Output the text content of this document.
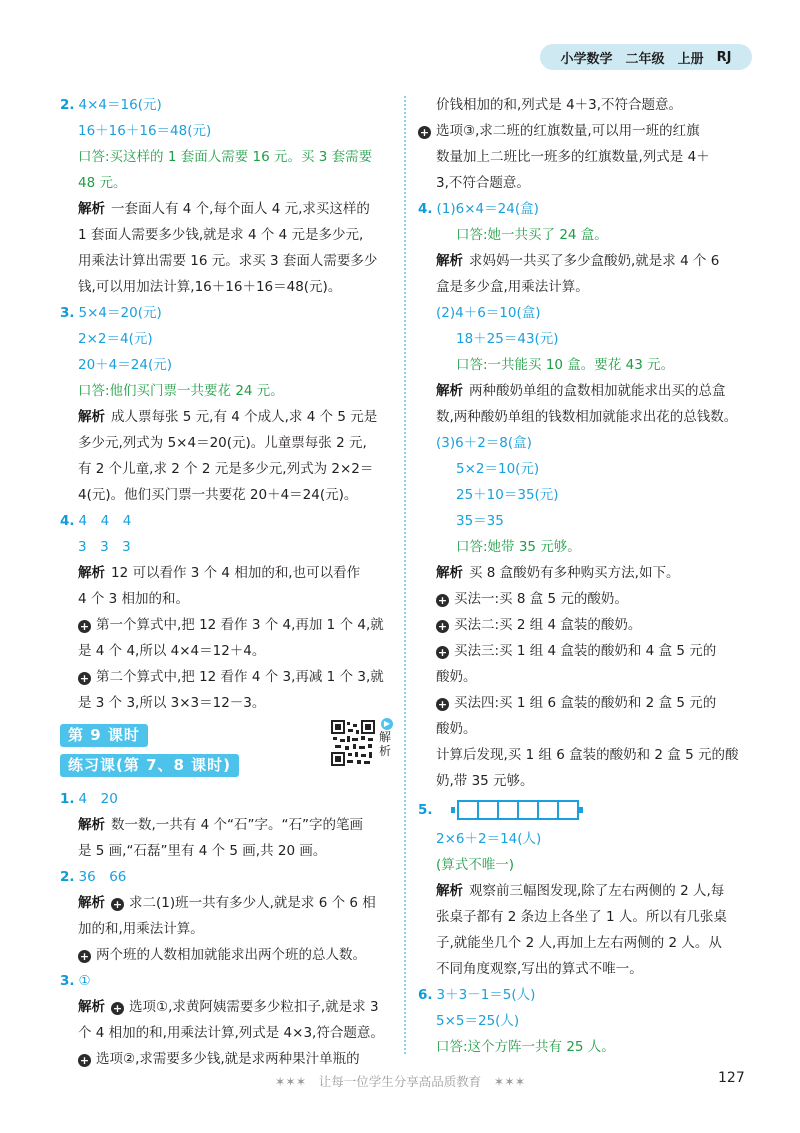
小学数学 二年级 上册 RJ
2. 4×4＝16(元)
16＋16＋16＝48(元)
口答:买这样的 1 套面人需要 16 元。买 3 套需要
48 元。
解析 一套面人有 4 个,每个面人 4 元,求买这样的
1 套面人需要多少钱,就是求 4 个 4 元是多少元,
用乘法计算出需要 16 元。求买 3 套面人需要多少
钱,可以用加法计算,16＋16＋16＝48(元)。
3. 5×4＝20(元)
2×2＝4(元)
20＋4＝24(元)
口答:他们买门票一共要花 24 元。
解析 成人票每张 5 元,有 4 个成人,求 4 个 5 元是
多少元,列式为 5×4＝20(元)。儿童票每张 2 元,
有 2 个儿童,求 2 个 2 元是多少元,列式为 2×2＝
4(元)。他们买门票一共要花 20＋4＝24(元)。
4. 4　4　4
3　3　3
解析 12 可以看作 3 个 4 相加的和,也可以看作
4 个 3 相加的和。
+ 第一个算式中,把 12 看作 3 个 4,再加 1 个 4,就
是 4 个 4,所以 4×4＝12＋4。
+ 第二个算式中,把 12 看作 4 个 3,再减 1 个 3,就
是 3 个 3,所以 3×3＝12－3。
第 9 课时
练习课(第 7、8 课时)
▶
解析
1. 4　20
解析 数一数,一共有 4 个“石”字。“石”字的笔画
是 5 画,“石磊”里有 4 个 5 画,共 20 画。
2. 36　66
解析 + 求二(1)班一共有多少人,就是求 6 个 6 相
加的和,用乘法计算。
+ 两个班的人数相加就能求出两个班的总人数。
3. ①
解析 + 选项①,求黄阿姨需要多少粒扣子,就是求 3
个 4 相加的和,用乘法计算,列式是 4×3,符合题意。
+ 选项②,求需要多少钱,就是求两种果汁单瓶的
价钱相加的和,列式是 4＋3,不符合题意。
+ 选项③,求二班的红旗数量,可以用一班的红旗
数量加上二班比一班多的红旗数量,列式是 4＋
3,不符合题意。
4. (1)6×4＝24(盒)
口答:她一共买了 24 盒。
解析 求妈妈一共买了多少盒酸奶,就是求 4 个 6
盒是多少盒,用乘法计算。
(2)4＋6＝10(盒)
18＋25＝43(元)
口答:一共能买 10 盒。要花 43 元。
解析 两种酸奶单组的盒数相加就能求出买的总盒
数,两种酸奶单组的钱数相加就能求出花的总钱数。
(3)6＋2＝8(盒)
5×2＝10(元)
25＋10＝35(元)
35＝35
口答:她带 35 元够。
解析 买 8 盒酸奶有多种购买方法,如下。
+ 买法一:买 8 盒 5 元的酸奶。
+ 买法二:买 2 组 4 盒装的酸奶。
+ 买法三:买 1 组 4 盒装的酸奶和 4 盒 5 元的
酸奶。
+ 买法四:买 1 组 6 盒装的酸奶和 2 盒 5 元的
酸奶。
计算后发现,买 1 组 6 盒装的酸奶和 2 盒 5 元的酸
奶,带 35 元够。
5.
2×6＋2＝14(人)
(算式不唯一)
解析 观察前三幅图发现,除了左右两侧的 2 人,每
张桌子都有 2 条边上各坐了 1 人。所以有几张桌
子,就能坐几个 2 人,再加上左右两侧的 2 人。从
不同角度观察,写出的算式不唯一。
6. 3＋3－1＝5(人)
5×5＝25(人)
口答:这个方阵一共有 25 人。
✶✶✶　让每一位学生分享高品质教育　✶✶✶	127
